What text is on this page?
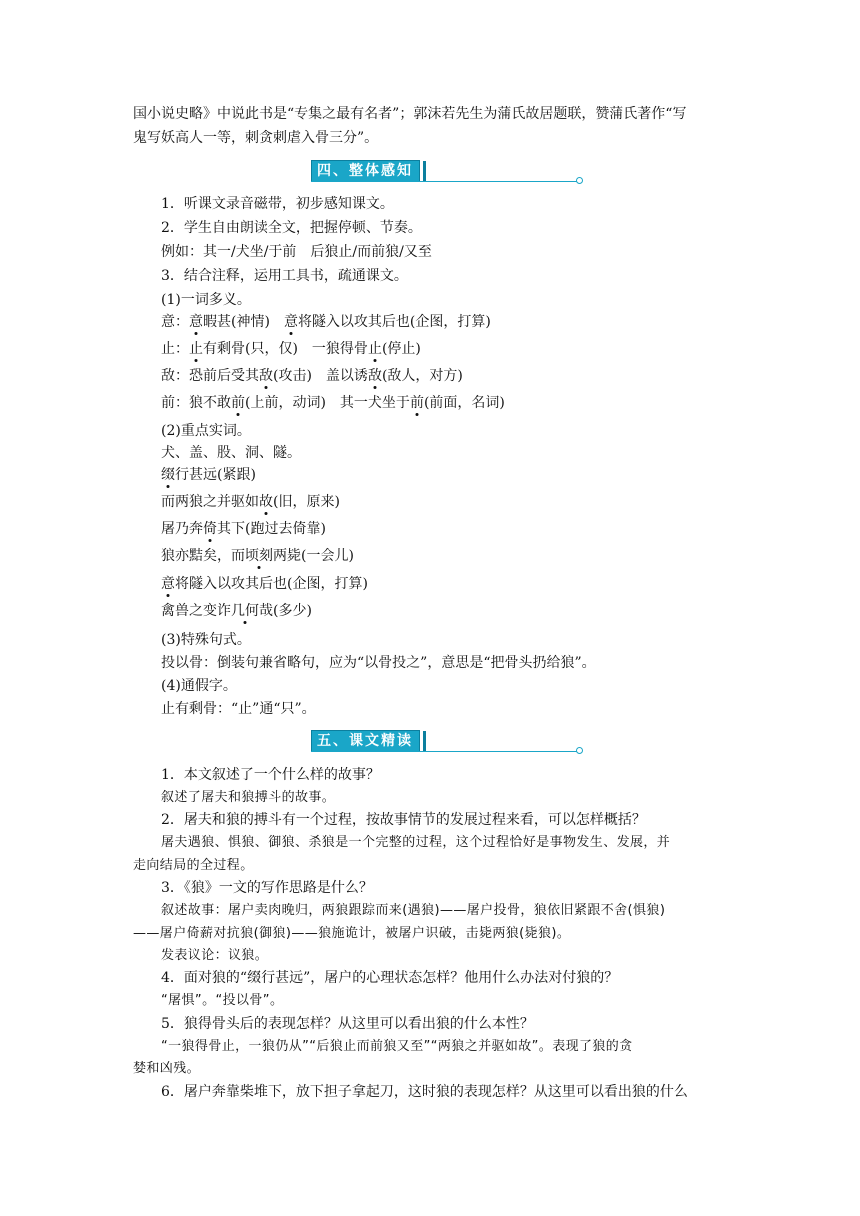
国小说史略》中说此书是“专集之最有名者”；郭沫若先生为蒲氏故居题联，赞蒲氏著作“写
鬼写妖高人一等，刺贪刺虐入骨三分”。
四、整体感知
1．听课文录音磁带，初步感知课文。
2．学生自由朗读全文，把握停顿、节奏。
例如：其一/犬坐/于前　后狼止/而前狼/又至
3．结合注释，运用工具书，疏通课文。
(1)一词多义。
意：意暇甚(神情)　意将隧入以攻其后也(企图，打算)
止：止有剩骨(只，仅)　一狼得骨止(停止)
敌：恐前后受其敌(攻击)　盖以诱敌(敌人，对方)
前：狼不敢前(上前，动词)　其一犬坐于前(前面，名词)
(2)重点实词。
犬、盖、股、洞、隧。
缀行甚远(紧跟)
而两狼之并驱如故(旧，原来)
屠乃奔倚其下(跑过去倚靠)
狼亦黠矣，而顷刻两毙(一会儿)
意将隧入以攻其后也(企图，打算)
禽兽之变诈几何哉(多少)
(3)特殊句式。
投以骨：倒装句兼省略句，应为“以骨投之”，意思是“把骨头扔给狼”。
(4)通假字。
止有剩骨：“止”通“只”。
五、课文精读
1．本文叙述了一个什么样的故事？
叙述了屠夫和狼搏斗的故事。
2．屠夫和狼的搏斗有一个过程，按故事情节的发展过程来看，可以怎样概括？
屠夫遇狼、惧狼、御狼、杀狼是一个完整的过程，这个过程恰好是事物发生、发展，并
走向结局的全过程。
3．《狼》一文的写作思路是什么？
叙述故事：屠户卖肉晚归，两狼跟踪而来(遇狼)——屠户投骨，狼依旧紧跟不舍(惧狼)
——屠户倚薪对抗狼(御狼)——狼施诡计，被屠户识破，击毙两狼(毙狼)。
发表议论：议狼。
4．面对狼的“缀行甚远”，屠户的心理状态怎样？他用什么办法对付狼的？
“屠惧”。“投以骨”。
5．狼得骨头后的表现怎样？从这里可以看出狼的什么本性？
“一狼得骨止，一狼仍从”“后狼止而前狼又至”“两狼之并驱如故”。表现了狼的贪
婪和凶残。
6．屠户奔靠柴堆下，放下担子拿起刀，这时狼的表现怎样？从这里可以看出狼的什么
